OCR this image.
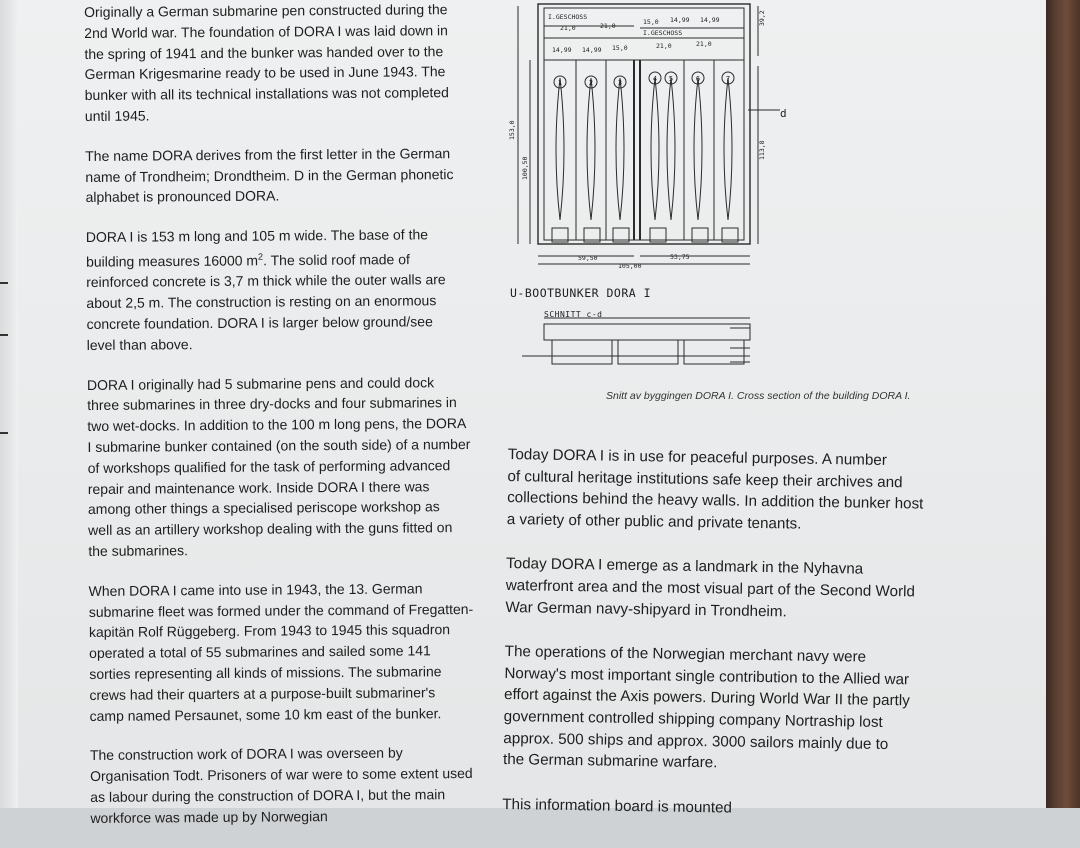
Originally a German submarine pen constructed during the
2nd World war. The foundation of DORA I was laid down in
the spring of 1941 and the bunker was handed over to the
German Krigesmarine ready to be used in June 1943. The
bunker with all its technical installations was not completed
until 1945.

The name DORA derives from the first letter in the German
name of Trondheim; Drondtheim. D in the German phonetic
alphabet is pronounced DORA.

DORA I is 153 m long and 105 m wide. The base of the
building measures 16000 $m^2$. The solid roof made of
reinforced concrete is 3,7 m thick while the outer walls are
about 2,5 m. The construction is resting on an enormous
concrete foundation. DORA I is larger below ground/see
level than above.

DORA I originally had 5 submarine pens and could dock
three submarines in three dry-docks and four submarines in
two wet-docks. In addition to the 100 m long pens, the DORA
I submarine bunker contained (on the south side) of a number
of workshops qualified for the task of performing advanced
repair and maintenance work. Inside DORA I there was
among other things a specialised periscope workshop as
well as an artillery workshop dealing with the guns fitted on
the submarines.

When DORA I came into use in 1943, the 13. German
submarine fleet was formed under the command of Fregatten-
kapitän Rolf Rüggeberg. From 1943 to 1945 this squadron
operated a total of 55 submarines and sailed some 141
sorties representing all kinds of missions. The submarine
crews had their quarters at a purpose-built submariner's
camp named Persaunet, some 10 km east of the bunker.

The construction work of DORA I was overseen by
Organisation Todt. Prisoners of war were to some extent used
as labour during the construction of DORA I, but the main
workforce was made up by Norwegian

1	2	3	4 5	6	7
I.GESCHOSS
I.GESCHOSS
21,0	21,0	15,0 14,99 14,99
14,99 14,99 15,0	21,0	21,0
59,50	53,75
105,00
153,0
100,50
113,8
39,2
d
U-BOOTBUNKER DORA I
SCHNITT c-d
Snitt av byggingen DORA I. Cross section of the building DORA I.

Today DORA I is in use for peaceful purposes. A number
of cultural heritage institutions safe keep their archives and
collections behind the heavy walls. In addition the bunker host
a variety of other public and private tenants.

Today DORA I emerge as a landmark in the Nyhavna
waterfront area and the most visual part of the Second World
War German navy-shipyard in Trondheim.

The operations of the Norwegian merchant navy were
Norway's most important single contribution to the Allied war
effort against the Axis powers. During World War II the partly
government controlled shipping company Nortraship lost
approx. 500 ships and approx. 3000 sailors mainly due to
the German submarine warfare.

This information board is mounted
